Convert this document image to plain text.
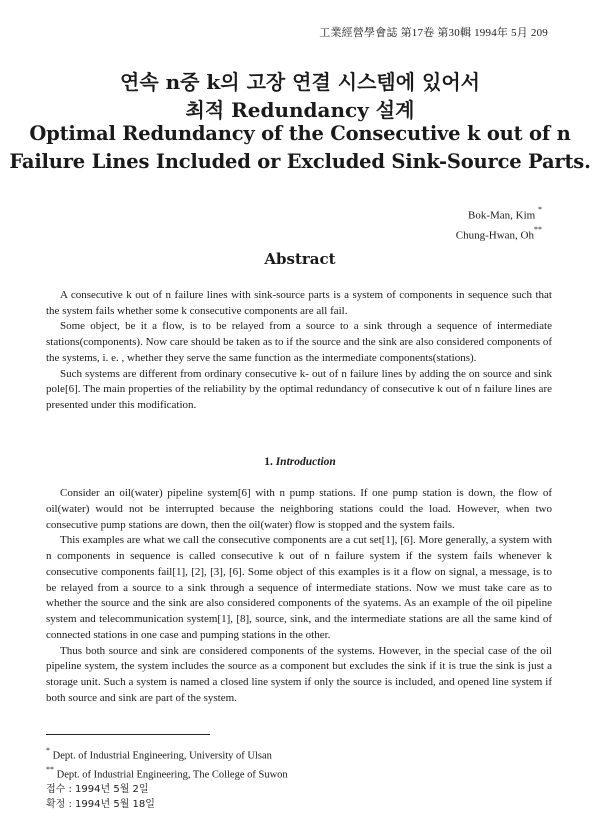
工業經營學會誌 第17卷 第30輯 1994年 5月 209
연속 n중 k의 고장 연결 시스템에 있어서
최적 Redundancy 설계
Optimal Redundancy of the Consecutive k out of n
Failure Lines Included or Excluded Sink-Source Parts.
Bok-Man, Kim *
Chung-Hwan, Oh**
Abstract

A consecutive k out of n failure lines with sink-source parts is a system of components in sequence such that the system fails whether some k consecutive components are all fail.

Some object, be it a flow, is to be relayed from a source to a sink through a sequence of intermediate stations(components). Now care should be taken as to if the source and the sink are also considered components of the systems, i. e. , whether they serve the same function as the intermediate components(stations).

Such systems are different from ordinary consecutive k- out of n failure lines by adding the on source and sink pole[6]. The main properties of the reliability by the optimal redundancy of consecutive k out of n failure lines are presented under this modification.

1. Introduction

Consider an oil(water) pipeline system[6] with n pump stations. If one pump station is down, the flow of oil(water) would not be interrupted because the neighboring stations could the load. However, when two consecutive pump stations are down, then the oil(water) flow is stopped and the system fails.

This examples are what we call the consecutive components are a cut set[1], [6]. More generally, a system with n components in sequence is called consecutive k out of n failure system if the system fails whenever k consecutive components fail[1], [2], [3], [6]. Some object of this examples is it a flow on signal, a message, is to be relayed from a source to a sink through a sequence of intermediate stations. Now we must take care as to whether the source and the sink are also considered components of the syatems. As an example of the oil pipeline system and telecommunication system[1], [8], source, sink, and the intermediate stations are all the same kind of connected stations in one case and pumping stations in the other.

Thus both source and sink are considered components of the systems. However, in the special case of the oil pipeline system, the system includes the source as a component but excludes the sink if it is true the sink is just a storage unit. Such a system is named a closed line system if only the source is included, and opened line system if both source and sink are part of the system.

* Dept. of Industrial Engineering, University of Ulsan
** Dept. of Industrial Engineering, The College of Suwon
접수 : 1994년 5월 2일
확정 : 1994년 5월 18일
